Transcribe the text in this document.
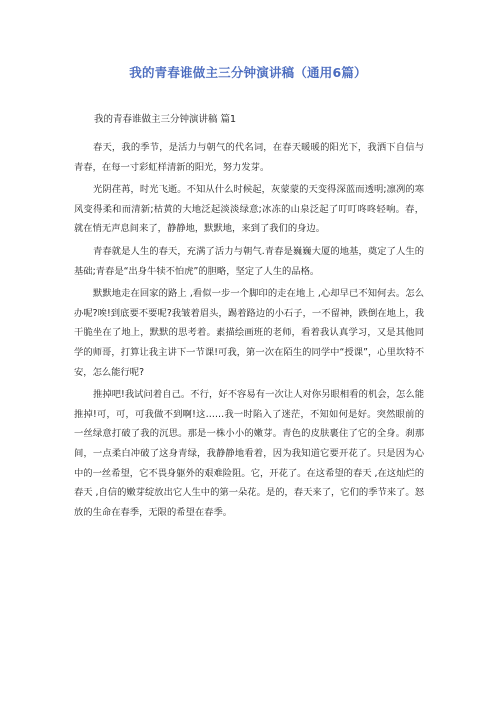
我的青春谁做主三分钟演讲稿（通用6篇）

我的青春谁做主三分钟演讲稿 篇1

春天，我的季节，是活力与朝气的代名词，在春天暖暖的阳光下，我洒下自信与青春，在每一寸彩虹样清新的阳光，努力发芽。

光阴荏苒，时光飞逝。不知从什么时候起，灰蒙蒙的天变得深蓝而透明;凛冽的寒风变得柔和而清新;枯黄的大地泛起淡淡绿意;冰冻的山泉泛起了叮叮咚咚轻响。春，就在悄无声息间来了，静静地，默默地，来到了我们的身边。

青春就是人生的春天，充满了活力与朝气.青春是巍巍大厦的地基，奠定了人生的基础;青春是“出身牛犊不怕虎”的胆略，坚定了人生的品格。

默默地走在回家的路上 ,看似一步一个脚印的走在地上 ,心却早已不知何去。怎么办呢?唉!到底要不要呢?我皱着眉头，踢着路边的小石子，一不留神，跌倒在地上，我干脆坐在了地上，默默的思考着。素描绘画班的老师，看着我认真学习，又是其他同学的师哥，打算让我主讲下一节课!可我，第一次在陌生的同学中“授课”，心里坎特不安，怎么能行呢?

推掉吧!我试问着自己。不行，好不容易有一次让人对你另眼相看的机会，怎么能推掉!可，可，可我做不到啊!这……我一时陷入了迷茫，不知如何是好。突然眼前的一丝绿意打破了我的沉思。那是一株小小的嫩芽。青色的皮肤裹住了它的全身。刹那间，一点柔白冲破了这身青绿，我静静地看着，因为我知道它要开花了。只是因为心中的一丝希望，它不畏身躯外的艰难险阻。它，开花了。在这希望的春天 ,在这灿烂的春天 ,自信的嫩芽绽放出它人生中的第一朵花。是的，春天来了，它们的季节来了。怒放的生命在春季，无限的希望在春季。
